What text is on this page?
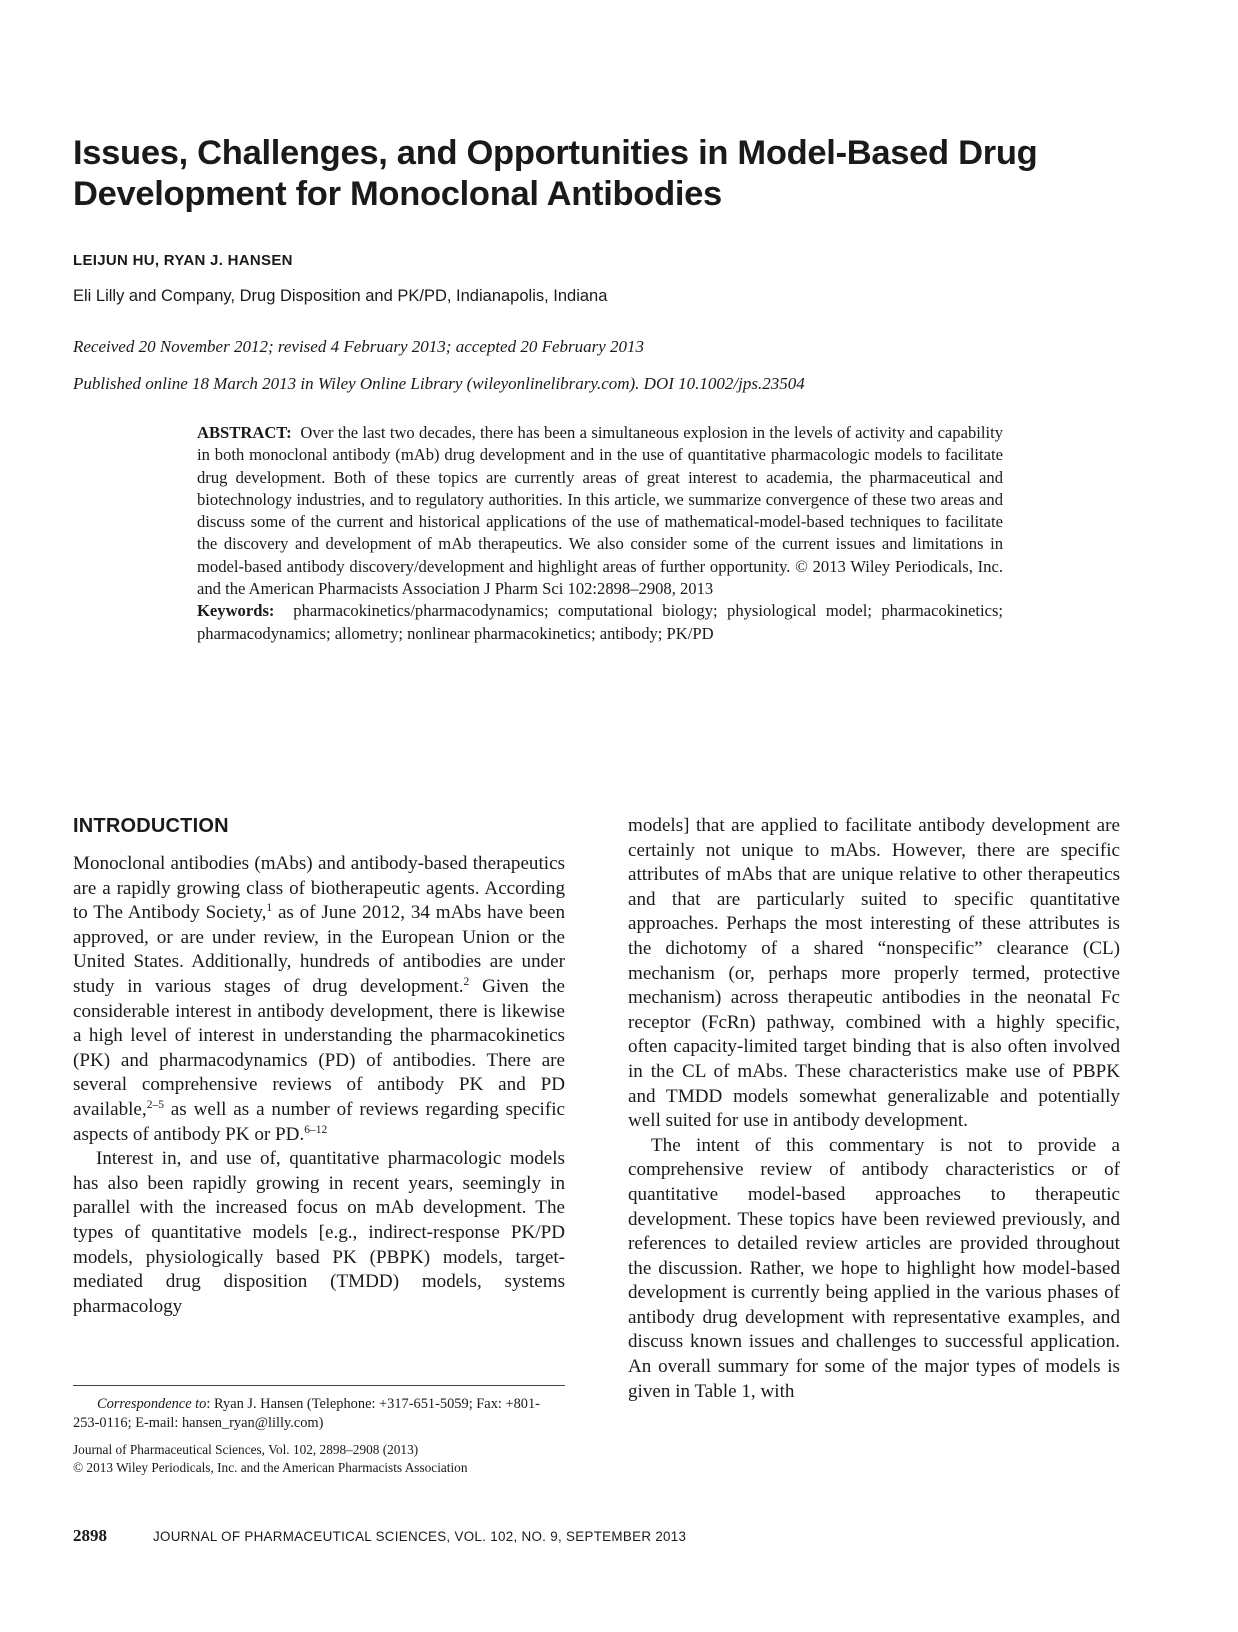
Issues, Challenges, and Opportunities in Model-Based Drug
Development for Monoclonal Antibodies
LEIJUN HU, RYAN J. HANSEN
Eli Lilly and Company, Drug Disposition and PK/PD, Indianapolis, Indiana
Received 20 November 2012; revised 4 February 2013; accepted 20 February 2013
Published online 18 March 2013 in Wiley Online Library (wileyonlinelibrary.com). DOI 10.1002/jps.23504

ABSTRACT: Over the last two decades, there has been a simultaneous explosion in the levels of activity and capability in both monoclonal antibody (mAb) drug development and in the use of quantitative pharmacologic models to facilitate drug development. Both of these topics are currently areas of great interest to academia, the pharmaceutical and biotechnology industries, and to regulatory authorities. In this article, we summarize convergence of these two areas and discuss some of the current and historical applications of the use of mathematical-model-based techniques to facilitate the discovery and development of mAb therapeutics. We also consider some of the current issues and limitations in model-based antibody discovery/development and highlight areas of further opportunity. © 2013 Wiley Periodicals, Inc. and the American Pharmacists Association J Pharm Sci 102:2898–2908, 2013

Keywords: pharmacokinetics/pharmacodynamics; computational biology; physiological model; pharmacokinetics; pharmacodynamics; allometry; nonlinear pharmacokinetics; antibody; PK/PD

INTRODUCTION

Monoclonal antibodies (mAbs) and antibody-based therapeutics are a rapidly growing class of biotherapeutic agents. According to The Antibody Society,$^1$ as of June 2012, 34 mAbs have been approved, or are under review, in the European Union or the United States. Additionally, hundreds of antibodies are under study in various stages of drug development.$^2$ Given the considerable interest in antibody development, there is likewise a high level of interest in understanding the pharmacokinetics (PK) and pharmacodynamics (PD) of antibodies. There are several comprehensive reviews of antibody PK and PD available,$^{2-5}$ as well as a number of reviews regarding specific aspects of antibody PK or PD.$^{6-12}$

Interest in, and use of, quantitative pharmacologic models has also been rapidly growing in recent years, seemingly in parallel with the increased focus on mAb development. The types of quantitative models [e.g., indirect-response PK/PD models, physiologically based PK (PBPK) models, target-mediated drug disposition (TMDD) models, systems pharmacology

models] that are applied to facilitate antibody development are certainly not unique to mAbs. However, there are specific attributes of mAbs that are unique relative to other therapeutics and that are particularly suited to specific quantitative approaches. Perhaps the most interesting of these attributes is the dichotomy of a shared “nonspecific” clearance (CL) mechanism (or, perhaps more properly termed, protective mechanism) across therapeutic antibodies in the neonatal Fc receptor (FcRn) pathway, combined with a highly specific, often capacity-limited target binding that is also often involved in the CL of mAbs. These characteristics make use of PBPK and TMDD models somewhat generalizable and potentially well suited for use in antibody development.

The intent of this commentary is not to provide a comprehensive review of antibody characteristics or of quantitative model-based approaches to therapeutic development. These topics have been reviewed previously, and references to detailed review articles are provided throughout the discussion. Rather, we hope to highlight how model-based development is currently being applied in the various phases of antibody drug development with representative examples, and discuss known issues and challenges to successful application. An overall summary for some of the major types of models is given in Table 1, with

Correspondence to: Ryan J. Hansen (Telephone: +317-651-5059; Fax: +801-253-0116; E-mail: hansen_ryan@lilly.com)

Journal of Pharmaceutical Sciences, Vol. 102, 2898–2908 (2013)

© 2013 Wiley Periodicals, Inc. and the American Pharmacists Association

2898	JOURNAL OF PHARMACEUTICAL SCIENCES, VOL. 102, NO. 9, SEPTEMBER 2013
